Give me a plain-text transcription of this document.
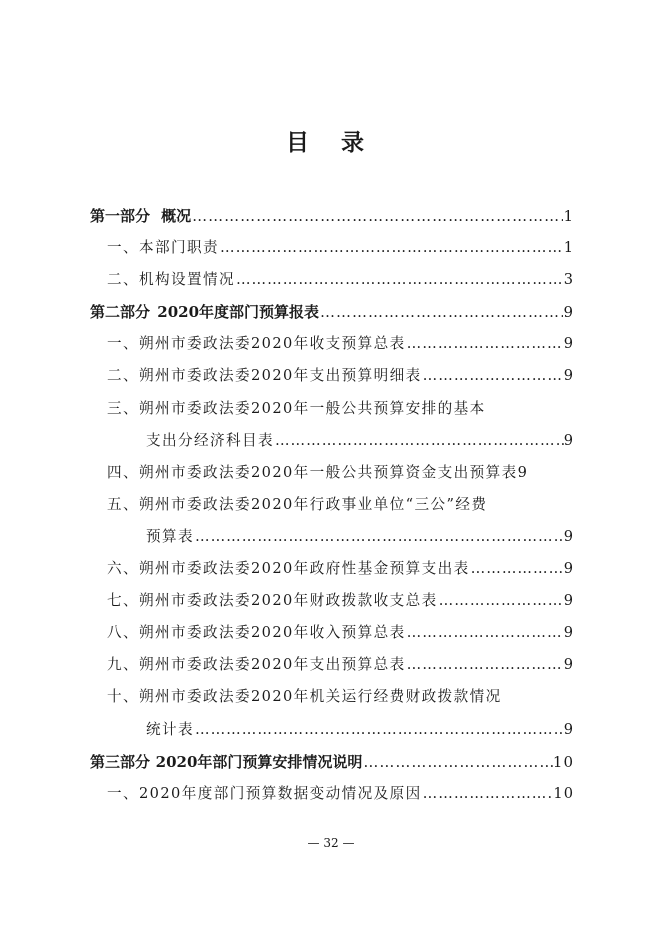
目 录
第一部分 概况 …………………………………………………………………………………………………………………………	1
一、本部门职责 …………………………………………………………………………………………………………………………	1
二、机构设置情况 …………………………………………………………………………………………………………………………	3
第二部分 2020年度部门预算报表 …………………………………………………………………………………………………………………………	9
一、朔州市委政法委2020年收支预算总表 …………………………………………………………………………………………………………………………	9
二、朔州市委政法委2020年支出预算明细表 …………………………………………………………………………………………………………………………	9
三、朔州市委政法委2020年一般公共预算安排的基本
支出分经济科目表 …………………………………………………………………………………………………………………………	9
四、朔州市委政法委2020年一般公共预算资金支出预算表 9
五、朔州市委政法委2020年行政事业单位“三公”经费
预算表 …………………………………………………………………………………………………………………………	9
六、朔州市委政法委2020年政府性基金预算支出表 …………………………………………………………………………………………………………………………	9
七、朔州市委政法委2020年财政拨款收支总表 …………………………………………………………………………………………………………………………	9
八、朔州市委政法委2020年收入预算总表 …………………………………………………………………………………………………………………………	9
九、朔州市委政法委2020年支出预算总表 …………………………………………………………………………………………………………………………	9
十、朔州市委政法委2020年机关运行经费财政拨款情况
统计表 …………………………………………………………………………………………………………………………	9
第三部分 2020年部门预算安排情况说明 …………………………………………………………………………………………………………………………	10
一、2020年度部门预算数据变动情况及原因 …………………………………………………………………………………………………………………………	10
— 32 —
